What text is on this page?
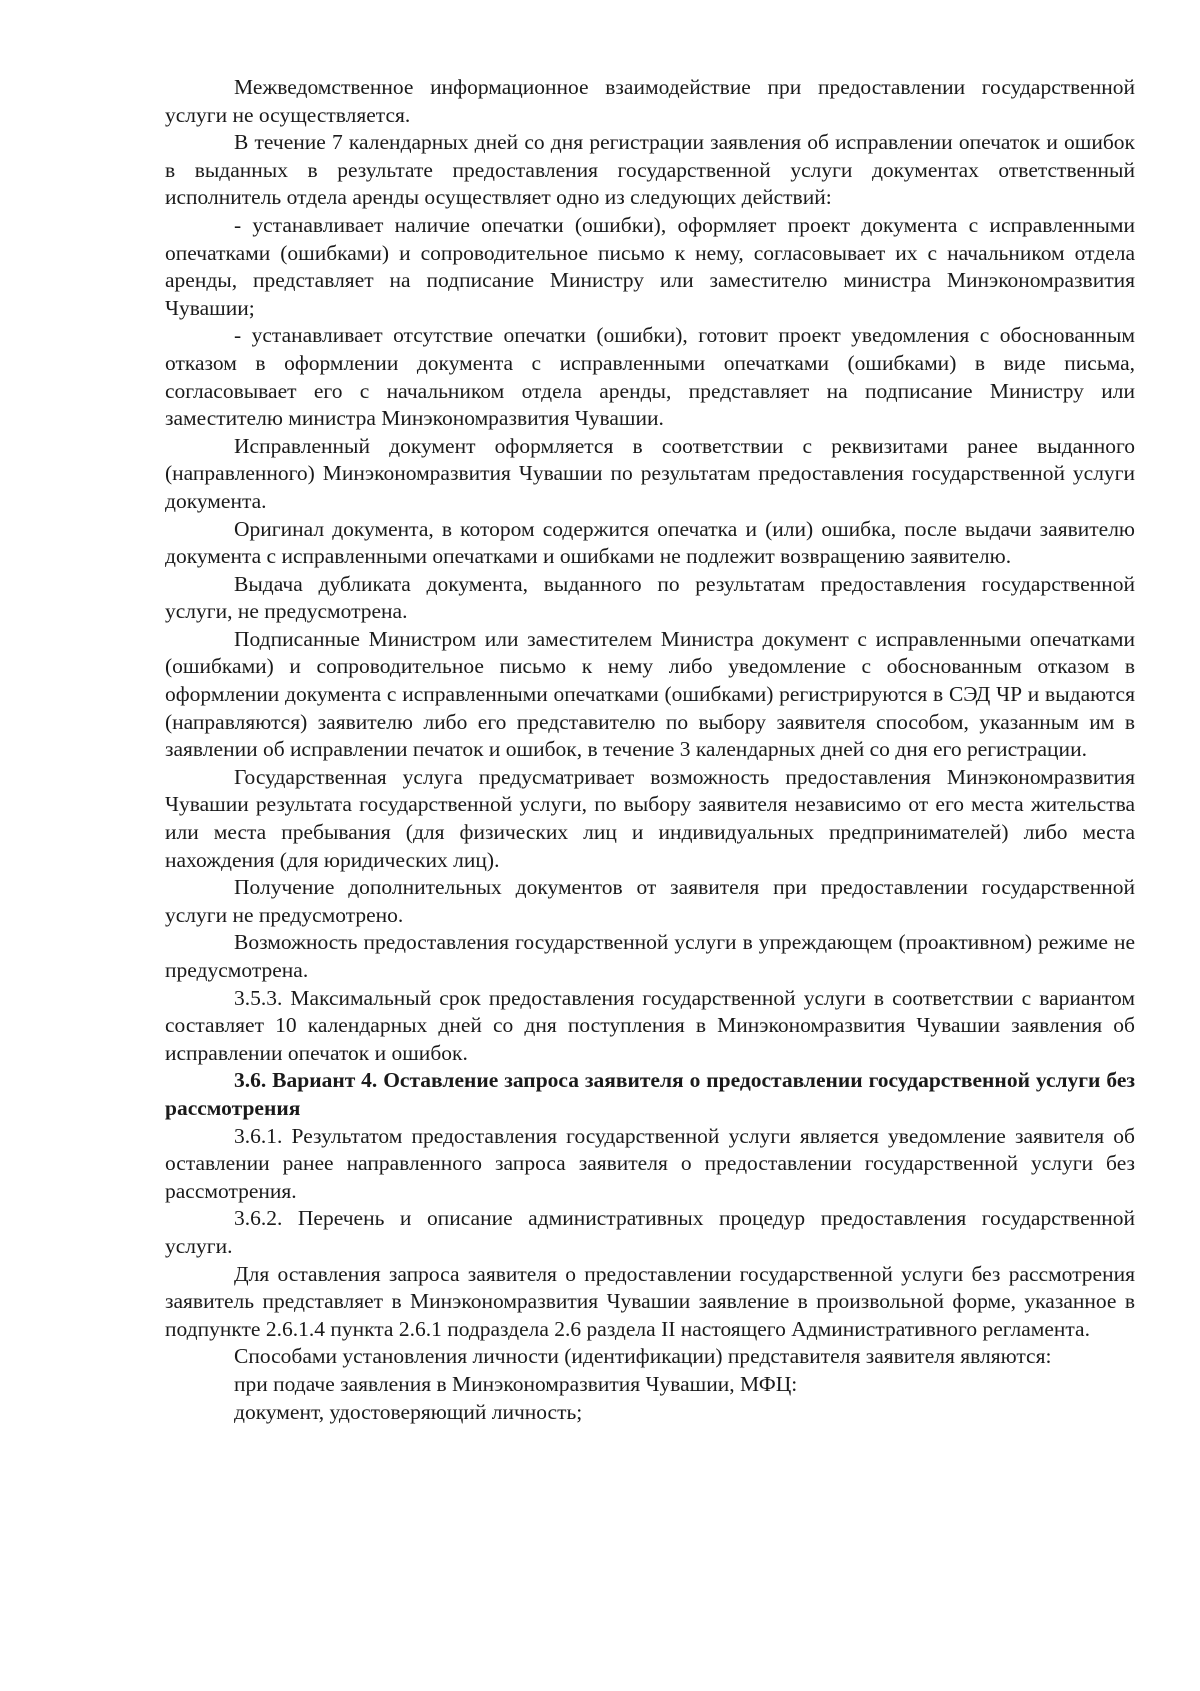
Межведомственное информационное взаимодействие при предоставлении государственной услуги не осуществляется.

В течение 7 календарных дней со дня регистрации заявления об исправлении опечаток и ошибок в выданных в результате предоставления государственной услуги документах ответственный исполнитель отдела аренды осуществляет одно из следующих действий:

- устанавливает наличие опечатки (ошибки), оформляет проект документа с исправленными опечатками (ошибками) и сопроводительное письмо к нему, согласовывает их с начальником отдела аренды, представляет на подписание Министру или заместителю министра Минэкономразвития Чувашии;

- устанавливает отсутствие опечатки (ошибки), готовит проект уведомления с обоснованным отказом в оформлении документа с исправленными опечатками (ошибками) в виде письма, согласовывает его с начальником отдела аренды, представляет на подписание Министру или заместителю министра Минэкономразвития Чувашии.

Исправленный документ оформляется в соответствии с реквизитами ранее выданного (направленного) Минэкономразвития Чувашии по результатам предоставления государственной услуги документа.

Оригинал документа, в котором содержится опечатка и (или) ошибка, после выдачи заявителю документа с исправленными опечатками и ошибками не подлежит возвращению заявителю.

Выдача дубликата документа, выданного по результатам предоставления государственной услуги, не предусмотрена.

Подписанные Министром или заместителем Министра документ с исправленными опечатками (ошибками) и сопроводительное письмо к нему либо уведомление с обоснованным отказом в оформлении документа с исправленными опечатками (ошибками) регистрируются в СЭД ЧР и выдаются (направляются) заявителю либо его представителю по выбору заявителя способом, указанным им в заявлении об исправлении печаток и ошибок, в течение 3 календарных дней со дня его регистрации.

Государственная услуга предусматривает возможность предоставления Минэкономразвития Чувашии результата государственной услуги, по выбору заявителя независимо от его места жительства или места пребывания (для физических лиц и индивидуальных предпринимателей) либо места нахождения (для юридических лиц).

Получение дополнительных документов от заявителя при предоставлении государственной услуги не предусмотрено.

Возможность предоставления государственной услуги в упреждающем (проактивном) режиме не предусмотрена.

3.5.3. Максимальный срок предоставления государственной услуги в соответствии с вариантом составляет 10 календарных дней со дня поступления в Минэкономразвития Чувашии заявления об исправлении опечаток и ошибок.

3.6. Вариант 4. Оставление запроса заявителя о предоставлении государственной услуги без рассмотрения

3.6.1. Результатом предоставления государственной услуги является уведомление заявителя об оставлении ранее направленного запроса заявителя о предоставлении государственной услуги без рассмотрения.

3.6.2. Перечень и описание административных процедур предоставления государственной услуги.

Для оставления запроса заявителя о предоставлении государственной услуги без рассмотрения заявитель представляет в Минэкономразвития Чувашии заявление в произвольной форме, указанное в подпункте 2.6.1.4 пункта 2.6.1 подраздела 2.6 раздела II настоящего Административного регламента.

Способами установления личности (идентификации) представителя заявителя являются:

при подаче заявления в Минэкономразвития Чувашии, МФЦ:

документ, удостоверяющий личность;
